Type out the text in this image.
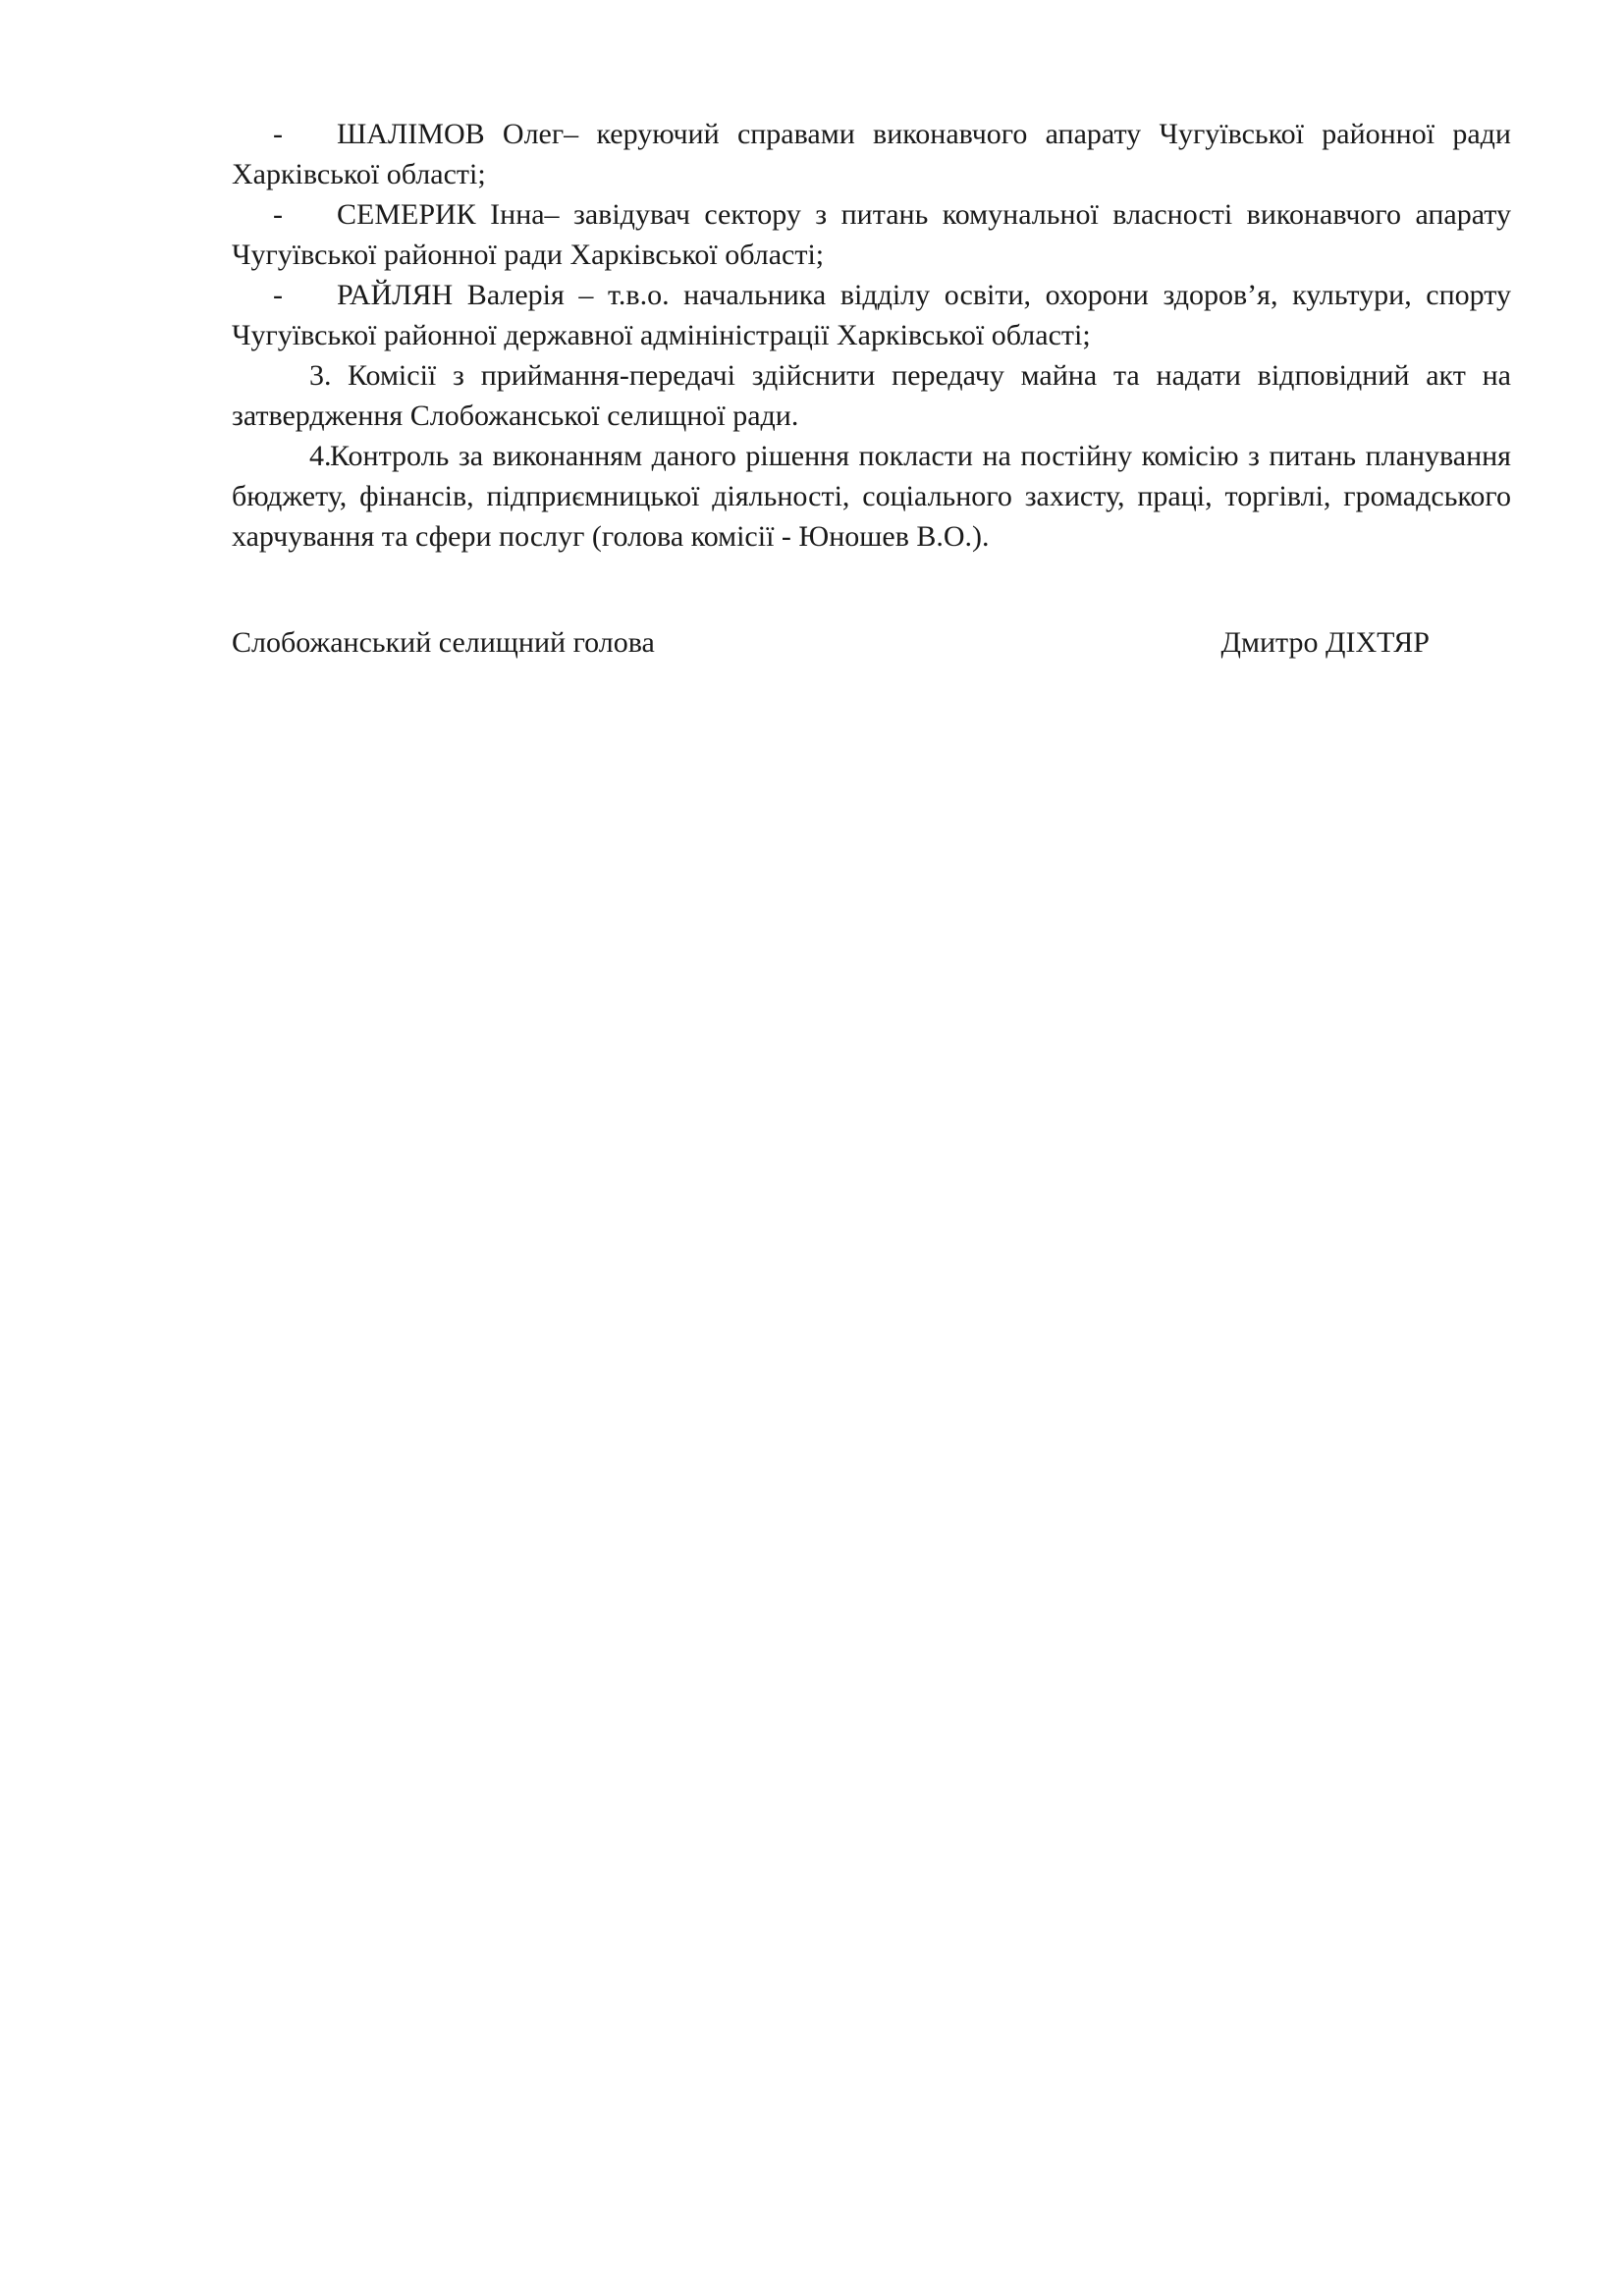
- ШАЛІМОВ Олег– керуючий справами виконавчого апарату Чугуївської районної ради Харківської області;

- СЕМЕРИК Інна– завідувач сектору з питань комунальної власності виконавчого апарату Чугуївської районної ради Харківської області;

- РАЙЛЯН Валерія – т.в.о. начальника відділу освіти, охорони здоров’я, культури, спорту Чугуївської районної державної адмініністрації Харківської області;

3. Комісії з приймання-передачі здійснити передачу майна та надати відповідний акт на затвердження Слобожанської селищної ради.

4.Контроль за виконанням даного рішення покласти на постійну комісію з питань планування бюджету, фінансів, підприємницької діяльності, соціального захисту, праці, торгівлі, громадського харчування та сфери послуг (голова комісії - Юношев В.О.).

Слобожанський селищний голова	Дмитро ДІХТЯР
